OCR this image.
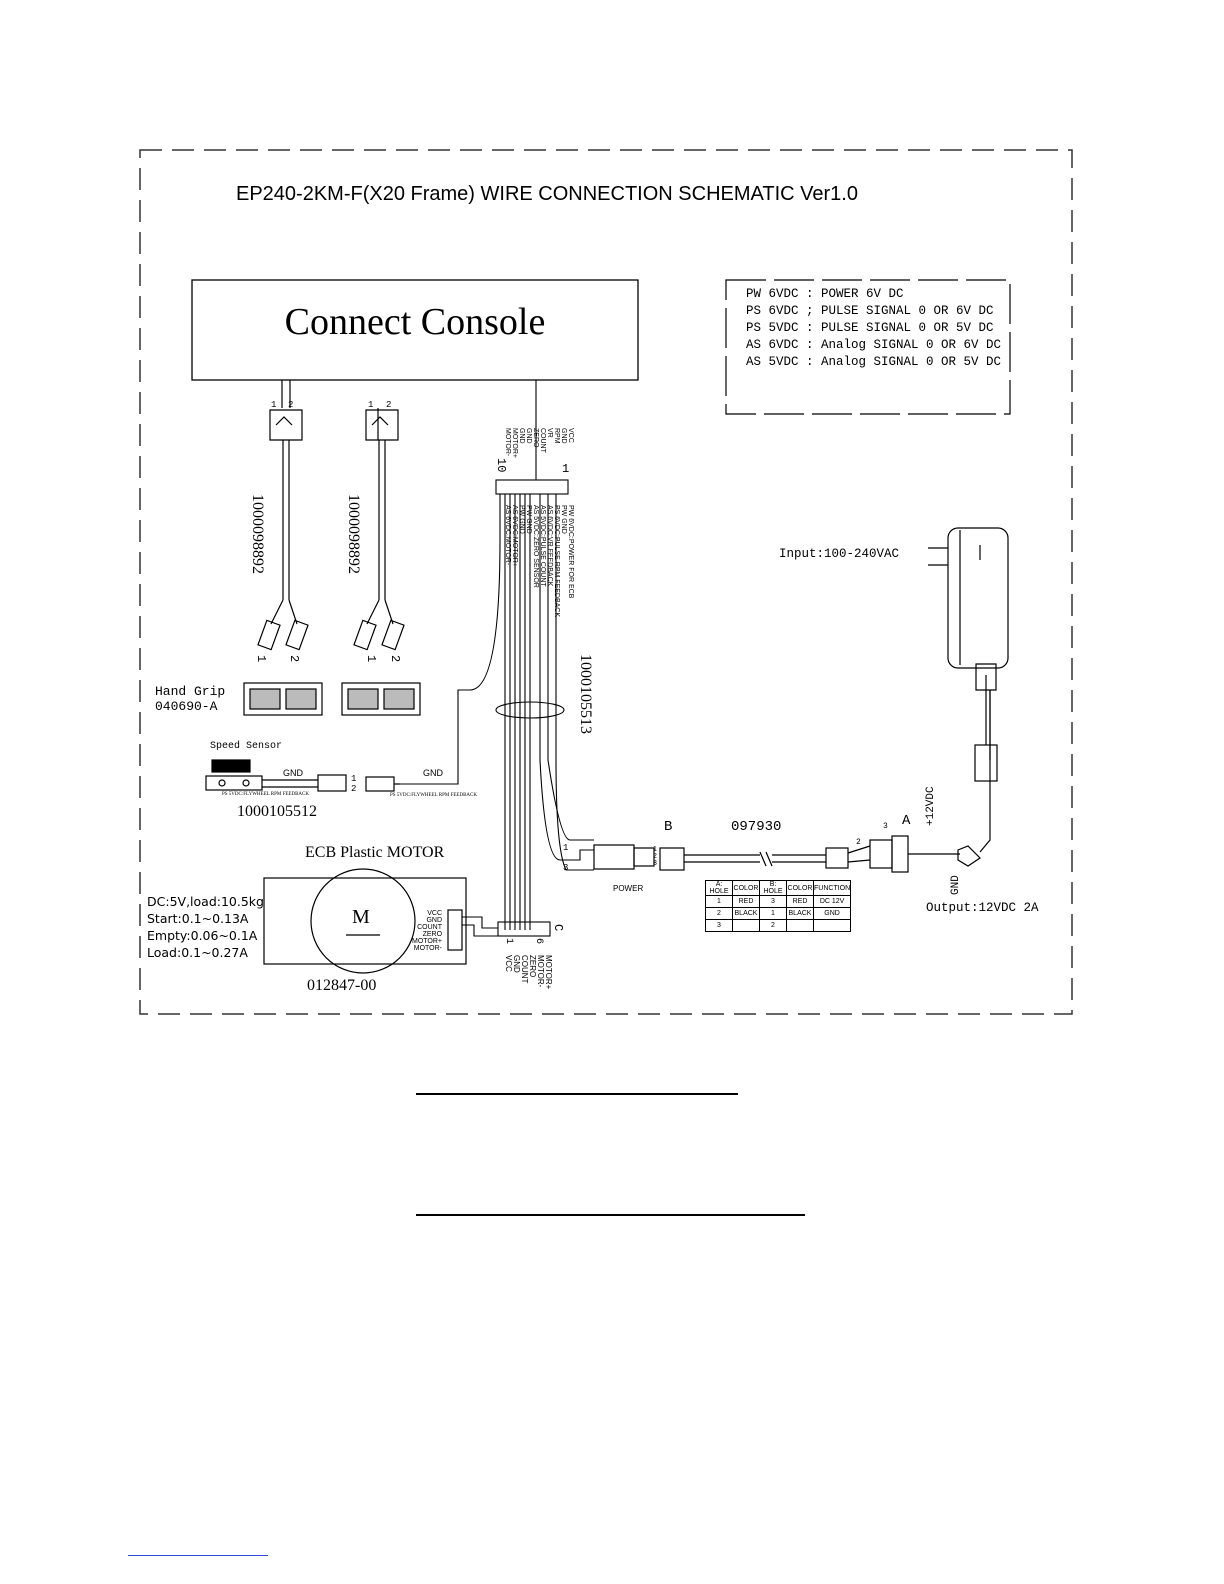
EP240-2KM-F(X20 Frame) WIRE CONNECTION SCHEMATIC Ver1.0
Connect Console
PW 6VDC : POWER 6V DC
PS 6VDC ; PULSE SIGNAL 0 OR 6V DC
PS 5VDC : PULSE SIGNAL 0 OR 5V DC
AS 6VDC : Analog SIGNAL 0 OR 6V DC
AS 5VDC : Analog SIGNAL 0 OR 5V DC
1 2	1 2
1000098892	1000098892
1 2	1 2
Hand Grip
040690-A
VCC
GND
RPM
VR
COUNT
ZERO
GND
GND
MOTOR+
MOTOR-
1
10
PW 6VDC:POWER FOR ECB
PW GND
PS 6VDC:PULSE RPM FEEDBACK
AS 6VDC:VR FEEDBACK
AS 5VDC:PULSE COUNT
AS 5VDC:ZERO SENSOR
PW GND
PW GND
AS 6VDC:MOTOR+
AS 6VDC:MOTOR-
1000105513
Speed Sensor
GND	GND
PS 5VDC:FLYWHEEL RPM FEEDBACK	PS 5VDC:FLYWHEEL RPM FEEDBACK
1
2
1000105512
ECB Plastic MOTOR
M	VCC
GND
COUNT
ZERO
MOTOR+
MOTOR-
012847-00
DC:5V,load:10.5kg
Start:0.1~0.13A
Empty:0.06~0.1A
Load:0.1~0.27A
C
1 6
MOTOR+
MOTOR-
ZERO
COUNT
GND
VCC
1
3
POWER
B
1
2
3
097930	A
2
3
Input:100-240VAC
Output:12VDC 2A
+12VDC
GND
A: HOLE	COLOR	B: HOLE	COLOR	FUNCTION
1	RED	3	RED	DC 12V
2	BLACK	1	BLACK	GND
3		2		
